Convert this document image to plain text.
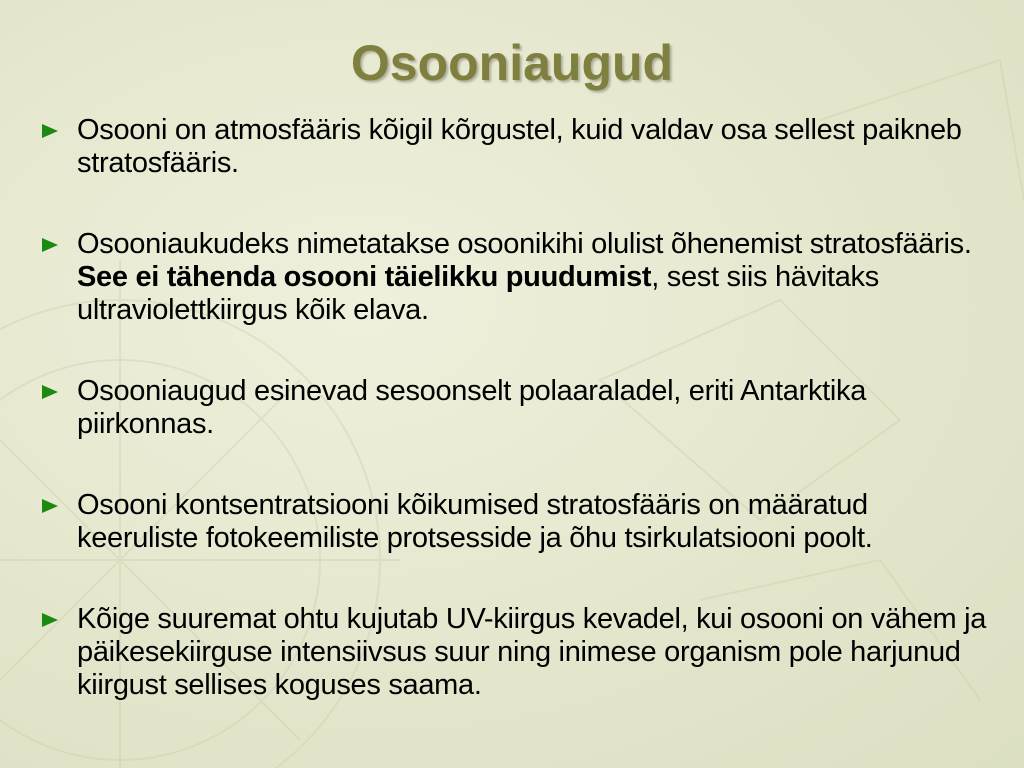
Osooniaugud
Osooni on atmosfääris kõigil kõrgustel, kuid valdav osa sellest paikneb stratosfääris.
Osooniaukudeks nimetatakse osoonikihi olulist õhenemist stratosfääris. See ei tähenda osooni täielikku puudumist, sest siis hävitaks ultraviolettkiirgus kõik elava.
Osooniaugud esinevad sesoonselt polaaraladel, eriti Antarktika piirkonnas.
Osooni kontsentratsiooni kõikumised stratosfääris on määratud keeruliste fotokeemiliste protsesside ja õhu tsirkulatsiooni poolt.
Kõige suuremat ohtu kujutab UV-kiirgus kevadel, kui osooni on vähem ja päikesekiirguse intensiivsus suur ning inimese organism pole harjunud kiirgust sellises koguses saama.
